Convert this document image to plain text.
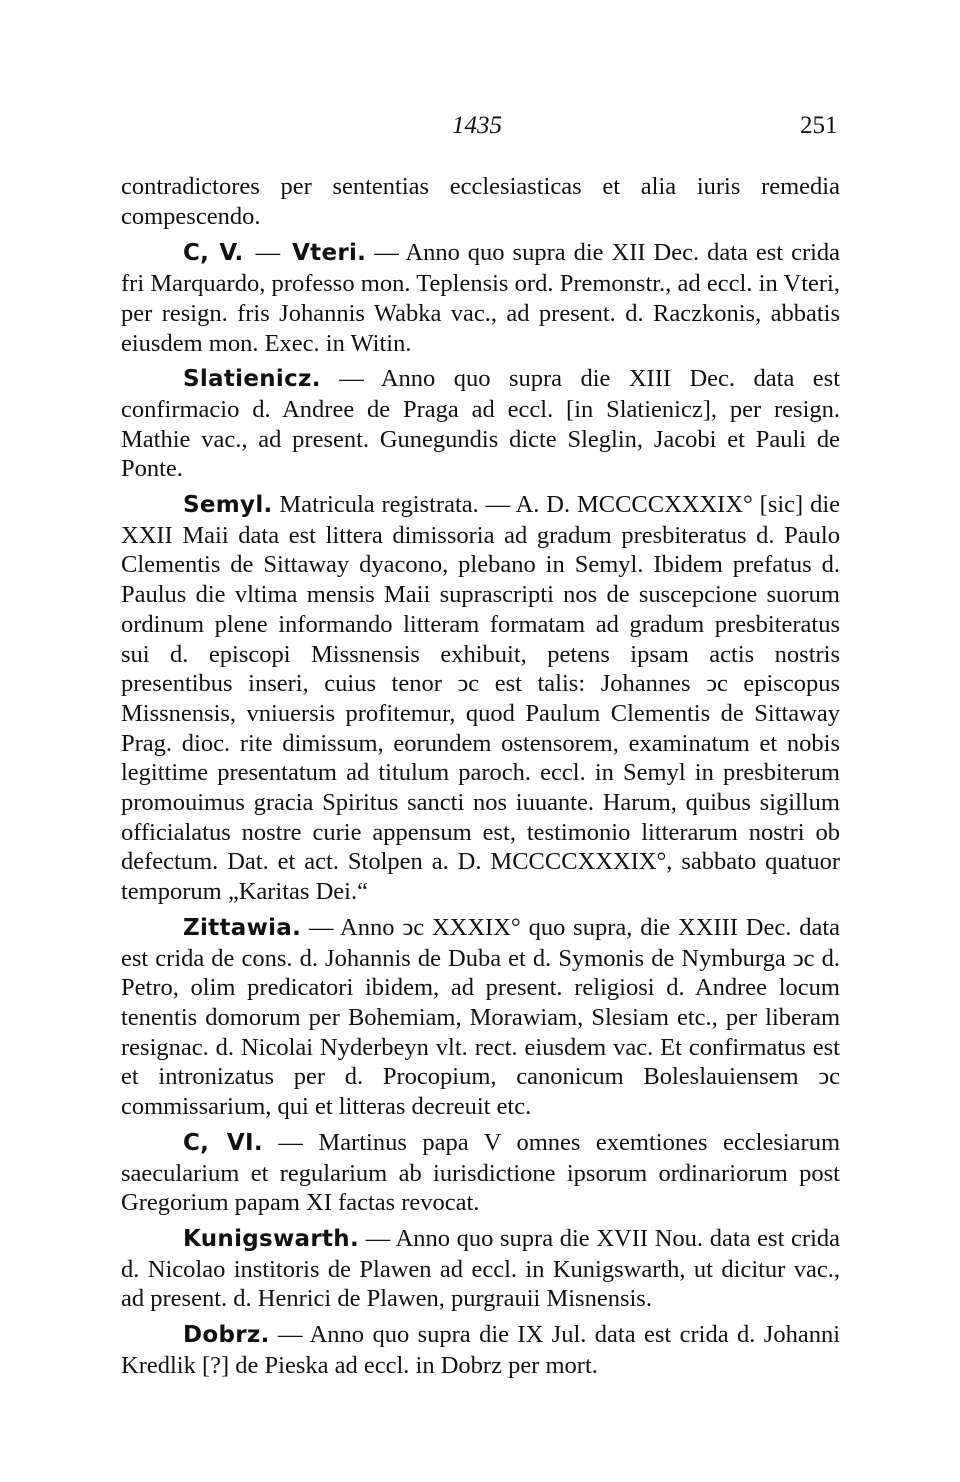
1435	251

contradictores per sententias ecclesiasticas et alia iuris remedia compescendo.

C, V. — Vteri. — Anno quo supra die XII Dec. data est crida fri Marquardo, professo mon. Teplensis ord. Premonstr., ad eccl. in Vteri, per resign. fris Johannis Wabka vac., ad present. d. Raczkonis, abbatis eiusdem mon. Exec. in Witin.

Slatienicz. — Anno quo supra die XIII Dec. data est confirmacio d. Andree de Praga ad eccl. [in Slatienicz], per resign. Mathie vac., ad present. Gunegundis dicte Sleglin, Jacobi et Pauli de Ponte.

Semyl. Matricula registrata. — A. D. MCCCCXXXIX° [sic] die XXII Maii data est littera dimissoria ad gradum presbiteratus d. Paulo Clementis de Sittaway dyacono, plebano in Semyl. Ibidem prefatus d. Paulus die vltima mensis Maii suprascripti nos de suscepcione suorum ordinum plene informando litteram formatam ad gradum presbiteratus sui d. episcopi Missnensis exhibuit, petens ipsam actis nostris presentibus inseri, cuius tenor ͻc est talis: Johannes ͻc episcopus Missnensis, vniuersis profitemur, quod Paulum Clementis de Sittaway Prag. dioc. rite dimissum, eorundem ostensorem, examinatum et nobis legittime presentatum ad titulum paroch. eccl. in Semyl in presbiterum promouimus gracia Spiritus sancti nos iuuante. Harum, quibus sigillum officialatus nostre curie appensum est, testimonio litterarum nostri ob defectum. Dat. et act. Stolpen a. D. MCCCCXXXIX°, sabbato quatuor temporum „Karitas Dei.“

Zittawia. — Anno ͻc XXXIX° quo supra, die XXIII Dec. data est crida de cons. d. Johannis de Duba et d. Symonis de Nymburga ͻc d. Petro, olim predicatori ibidem, ad present. religiosi d. Andree locum tenentis domorum per Bohemiam, Morawiam, Slesiam etc., per liberam resignac. d. Nicolai Nyderbeyn vlt. rect. eiusdem vac. Et confirmatus est et intronizatus per d. Procopium, canonicum Boleslauiensem ͻc commissarium, qui et litteras decreuit etc.

C, VI. — Martinus papa V omnes exemtiones ecclesiarum saecularium et regularium ab iurisdictione ipsorum ordinariorum post Gregorium papam XI factas revocat.

Kunigswarth. — Anno quo supra die XVII Nou. data est crida d. Nicolao institoris de Plawen ad eccl. in Kunigswarth, ut dicitur vac., ad present. d. Henrici de Plawen, purgrauii Misnensis.

Dobrz. — Anno quo supra die IX Jul. data est crida d. Johanni Kredlik [?] de Pieska ad eccl. in Dobrz per mort.
